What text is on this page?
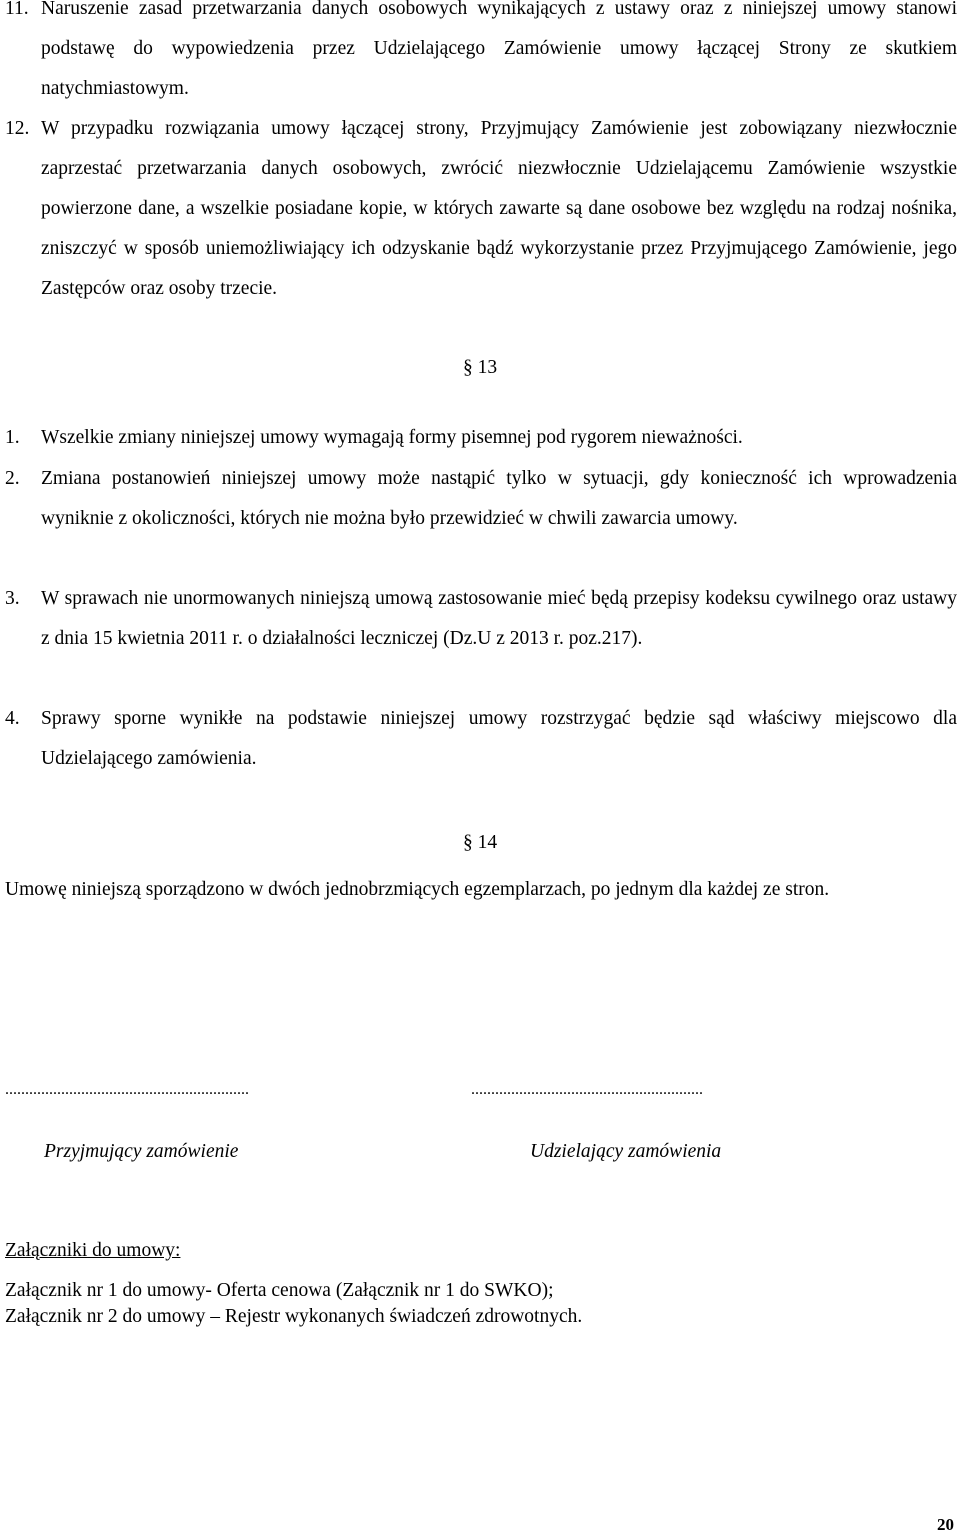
11. Naruszenie zasad przetwarzania danych osobowych wynikających z ustawy oraz z niniejszej umowy stanowi podstawę do wypowiedzenia przez Udzielającego Zamówienie umowy łączącej Strony ze skutkiem natychmiastowym.
12. W przypadku rozwiązania umowy łączącej strony, Przyjmujący Zamówienie jest zobowiązany niezwłocznie zaprzestać przetwarzania danych osobowych, zwrócić niezwłocznie Udzielającemu Zamówienie wszystkie powierzone dane, a wszelkie posiadane kopie, w których zawarte są dane osobowe bez względu na rodzaj nośnika, zniszczyć w sposób uniemożliwiający ich odzyskanie bądź wykorzystanie przez Przyjmującego Zamówienie, jego Zastępców oraz osoby trzecie.
§ 13
1. Wszelkie zmiany niniejszej umowy wymagają formy pisemnej pod rygorem nieważności.
2. Zmiana postanowień niniejszej umowy może nastąpić tylko w sytuacji, gdy konieczność ich wprowadzenia wyniknie z okoliczności, których nie można było przewidzieć w chwili zawarcia umowy.
3. W sprawach nie unormowanych niniejszą umową zastosowanie mieć będą przepisy kodeksu cywilnego oraz ustawy z dnia 15 kwietnia 2011 r. o działalności leczniczej (Dz.U z 2013 r. poz.217).
4. Sprawy sporne wynikłe na podstawie niniejszej umowy rozstrzygać będzie sąd właściwy miejscowo dla Udzielającego zamówienia.
§ 14
Umowę niniejszą sporządzono w dwóch jednobrzmiących egzemplarzach, po jednym dla każdej ze stron.
.............................................................	..........................................................
Przyjmujący zamówienie	Udzielający zamówienia
Załączniki do umowy:
Załącznik nr 1 do umowy- Oferta cenowa (Załącznik nr 1 do SWKO);
Załącznik nr 2 do umowy – Rejestr wykonanych świadczeń zdrowotnych.
20
